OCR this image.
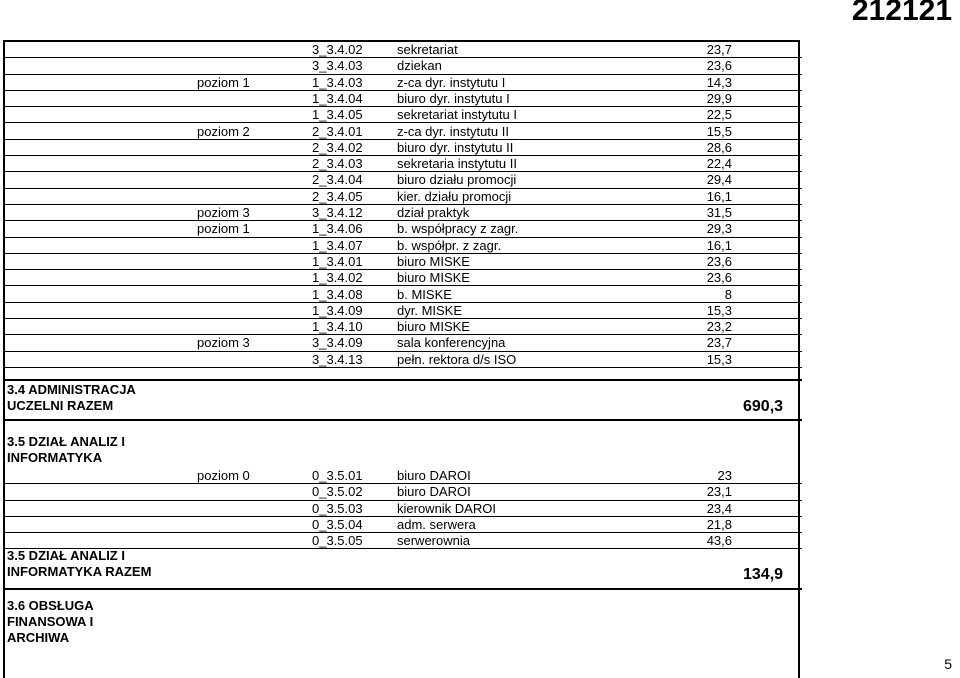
212121
3_3.4.02	sekretariat	23,7
3_3.4.03	dziekan	23,6
poziom 1	1_3.4.03	z-ca dyr. instytutu I	14,3
1_3.4.04	biuro dyr. instytutu I	29,9
1_3.4.05	sekretariat instytutu I	22,5
poziom 2	2_3.4.01	z-ca dyr. instytutu II	15,5
2_3.4.02	biuro dyr. instytutu II	28,6
2_3.4.03	sekretaria instytutu II	22,4
2_3.4.04	biuro działu promocji	29,4
2_3.4.05	kier. działu promocji	16,1
poziom 3	3_3.4.12	dział praktyk	31,5
poziom 1	1_3.4.06	b. współpracy z zagr.	29,3
1_3.4.07	b. współpr. z zagr.	16,1
1_3.4.01	biuro MISKE	23,6
1_3.4.02	biuro MISKE	23,6
1_3.4.08	b. MISKE	8
1_3.4.09	dyr. MISKE	15,3
1_3.4.10	biuro MISKE	23,2
poziom 3	3_3.4.09	sala konferencyjna	23,7
3_3.4.13	pełn. rektora d/s ISO	15,3
3.4 ADMINISTRACJA UCZELNI RAZEM	690,3
3.5 DZIAŁ ANALIZ I INFORMATYKA
poziom 0	0_3.5.01	biuro DAROI	23
0_3.5.02	biuro DAROI	23,1
0_3.5.03	kierownik DAROI	23,4
0_3.5.04	adm. serwera	21,8
0_3.5.05	serwerownia	43,6
3.5 DZIAŁ ANALIZ I INFORMATYKA RAZEM	134,9
3.6 OBSŁUGA FINANSOWA I ARCHIWA
5
